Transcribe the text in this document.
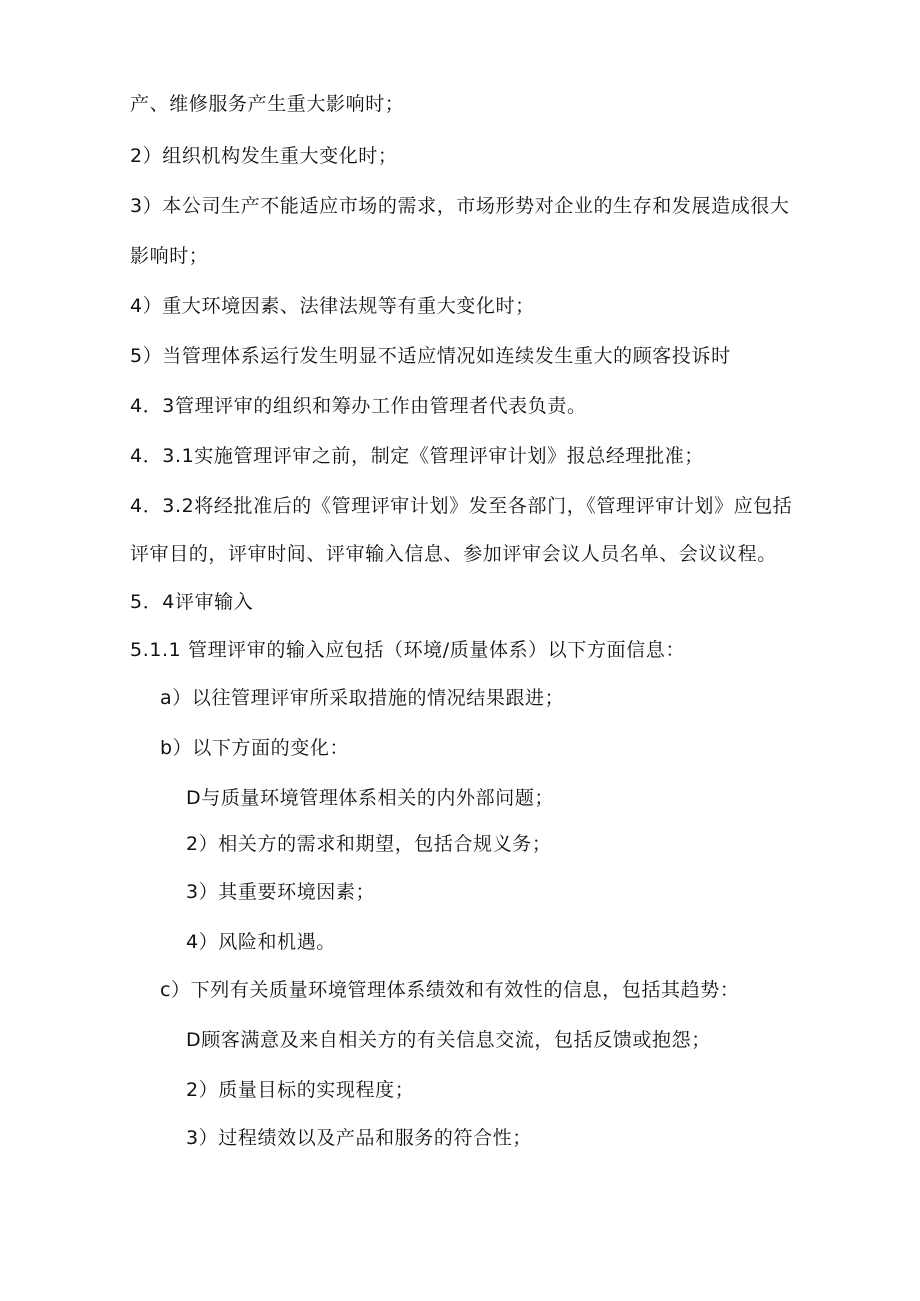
产、维修服务产生重大影响时；
2）组织机构发生重大变化时；
3）本公司生产不能适应市场的需求，市场形势对企业的生存和发展造成很大
影响时；
4）重大环境因素、法律法规等有重大变化时；
5）当管理体系运行发生明显不适应情况如连续发生重大的顾客投诉时
4．3管理评审的组织和筹办工作由管理者代表负责。
4．3.1实施管理评审之前，制定《管理评审计划》报总经理批准；
4．3.2将经批准后的《管理评审计划》发至各部门，《管理评审计划》应包括
评审目的，评审时间、评审输入信息、参加评审会议人员名单、会议议程。
5．4评审输入
5.1.1 管理评审的输入应包括（环境/质量体系）以下方面信息：
a）以往管理评审所采取措施的情况结果跟进；
b）以下方面的变化：
D与质量环境管理体系相关的内外部问题；
2）相关方的需求和期望，包括合规义务；
3）其重要环境因素；
4）风险和机遇。
c）下列有关质量环境管理体系绩效和有效性的信息，包括其趋势：
D顾客满意及来自相关方的有关信息交流，包括反馈或抱怨；
2）质量目标的实现程度；
3）过程绩效以及产品和服务的符合性；
